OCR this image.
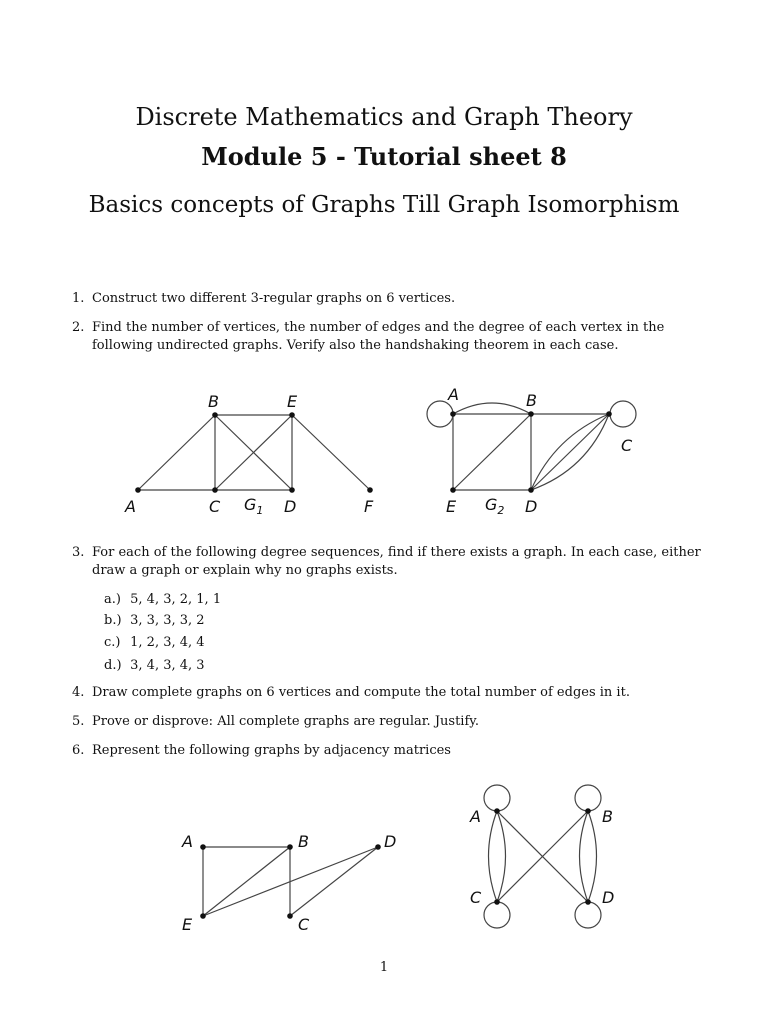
Discrete Mathematics and Graph Theory
Module 5 - Tutorial sheet 8
Basics concepts of Graphs Till Graph Isomorphism
1. Construct two different 3-regular graphs on 6 vertices.
2. Find the number of vertices, the number of edges and the degree of each vertex in the following undirected graphs. Verify also the handshaking theorem in each case.
B	E
A	C $G_1$ D	F
A	B
C
E $G_2$ D
3. For each of the following degree sequences, find if there exists a graph. In each case, either draw a graph or explain why no graphs exists.
a.) 5, 4, 3, 2, 1, 1
b.) 3, 3, 3, 3, 2
c.) 1, 2, 3, 4, 4
d.) 3, 4, 3, 4, 3
4. Draw complete graphs on 6 vertices and compute the total number of edges in it.
5. Prove or disprove: All complete graphs are regular. Justify.
6. Represent the following graphs by adjacency matrices
A	B	D
E	C
A	B
C	D
1
